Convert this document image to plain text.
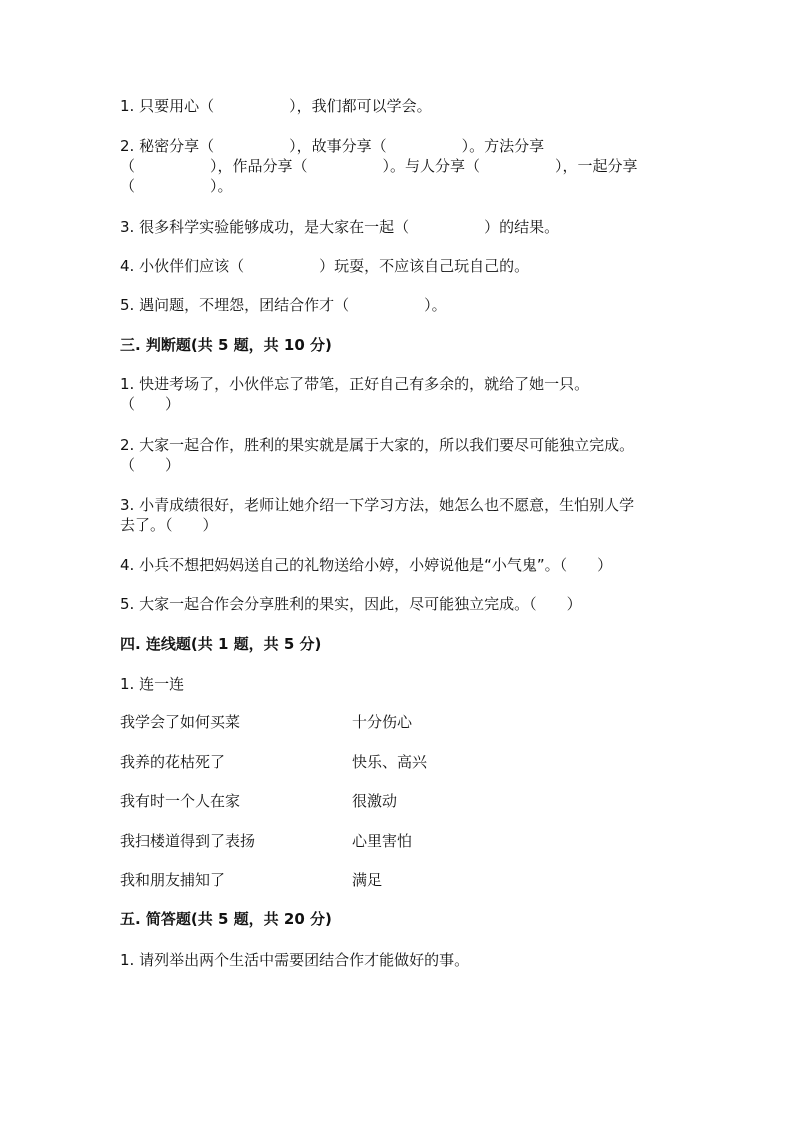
1. 只要用心（　　　　　），我们都可以学会。
2. 秘密分享（　　　　　），故事分享（　　　　　）。方法分享
（　　　　　），作品分享（　　　　　）。与人分享（　　　　　），一起分享
（　　　　　）。
3. 很多科学实验能够成功，是大家在一起（　　　　　）的结果。
4. 小伙伴们应该（　　　　　）玩耍，不应该自己玩自己的。
5. 遇问题，不埋怨，团结合作才（　　　　　）。
三. 判断题(共 5 题，共 10 分)
1. 快进考场了，小伙伴忘了带笔，正好自己有多余的，就给了她一只。
（　　）
2. 大家一起合作，胜利的果实就是属于大家的，所以我们要尽可能独立完成。
（　　）
3. 小青成绩很好，老师让她介绍一下学习方法，她怎么也不愿意，生怕别人学
去了。（　　）
4. 小兵不想把妈妈送自己的礼物送给小婷，小婷说他是“小气鬼”。（　　）
5. 大家一起合作会分享胜利的果实，因此，尽可能独立完成。（　　）
四. 连线题(共 1 题，共 5 分)
1. 连一连
我学会了如何买菜	十分伤心
我养的花枯死了	快乐、高兴
我有时一个人在家	很激动
我扫楼道得到了表扬	心里害怕
我和朋友捕知了	满足
五. 简答题(共 5 题，共 20 分)
1. 请列举出两个生活中需要团结合作才能做好的事。
